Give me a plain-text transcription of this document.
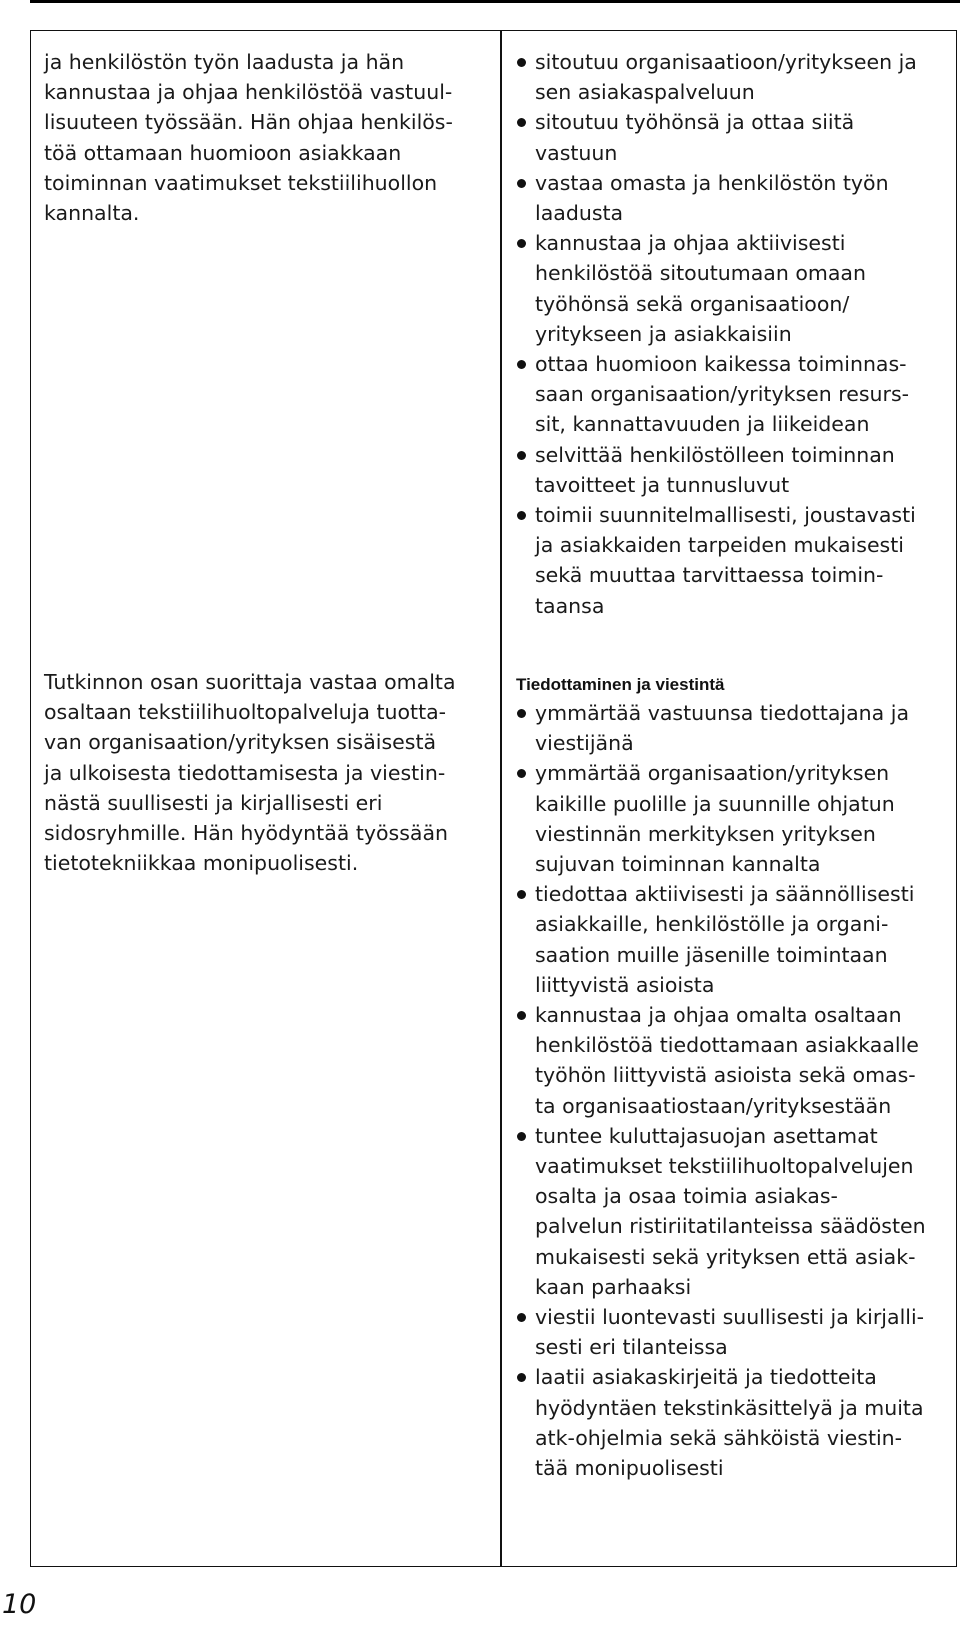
ja henkilöstön työn laadusta ja hän

kannustaa ja ohjaa henkilöstöä vastuul-

lisuuteen työssään. Hän ohjaa henkilös-

töä ottamaan huomioon asiakkaan

toiminnan vaatimukset tekstiilihuollon

kannalta.

Tutkinnon osan suorittaja vastaa omalta

osaltaan tekstiilihuoltopalveluja tuotta-

van organisaation/yrityksen sisäisestä

ja ulkoisesta tiedottamisesta ja viestin-

nästä suullisesti ja kirjallisesti eri

sidosryhmille. Hän hyödyntää työssään

tietotekniikkaa monipuolisesti.

sitoutuu organisaatioon/yritykseen ja
sen asiakaspalveluun
sitoutuu työhönsä ja ottaa siitä
vastuun
vastaa omasta ja henkilöstön työn
laadusta
kannustaa ja ohjaa aktiivisesti
henkilöstöä sitoutumaan omaan
työhönsä sekä organisaatioon/
yritykseen ja asiakkaisiin
ottaa huomioon kaikessa toiminnas-
saan organisaation/yrityksen resurs-
sit, kannattavuuden ja liikeidean
selvittää henkilöstölleen toiminnan
tavoitteet ja tunnusluvut
toimii suunnitelmallisesti, joustavasti
ja asiakkaiden tarpeiden mukaisesti
sekä muuttaa tarvittaessa toimin-
taansa

Tiedottaminen ja viestintä

ymmärtää vastuunsa tiedottajana ja
viestijänä
ymmärtää organisaation/yrityksen
kaikille puolille ja suunnille ohjatun
viestinnän merkityksen yrityksen
sujuvan toiminnan kannalta
tiedottaa aktiivisesti ja säännöllisesti
asiakkaille, henkilöstölle ja organi-
saation muille jäsenille toimintaan
liittyvistä asioista
kannustaa ja ohjaa omalta osaltaan
henkilöstöä tiedottamaan asiakkaalle
työhön liittyvistä asioista sekä omas-
ta organisaatiostaan/yrityksestään
tuntee kuluttajasuojan asettamat
vaatimukset tekstiilihuoltopalvelujen
osalta ja osaa toimia asiakas-
palvelun ristiriitatilanteissa säädösten
mukaisesti sekä yrityksen että asiak-
kaan parhaaksi
viestii luontevasti suullisesti ja kirjalli-
sesti eri tilanteissa
laatii asiakaskirjeitä ja tiedotteita
hyödyntäen tekstinkäsittelyä ja muita
atk-ohjelmia sekä sähköistä viestin-
tää monipuolisesti
10
